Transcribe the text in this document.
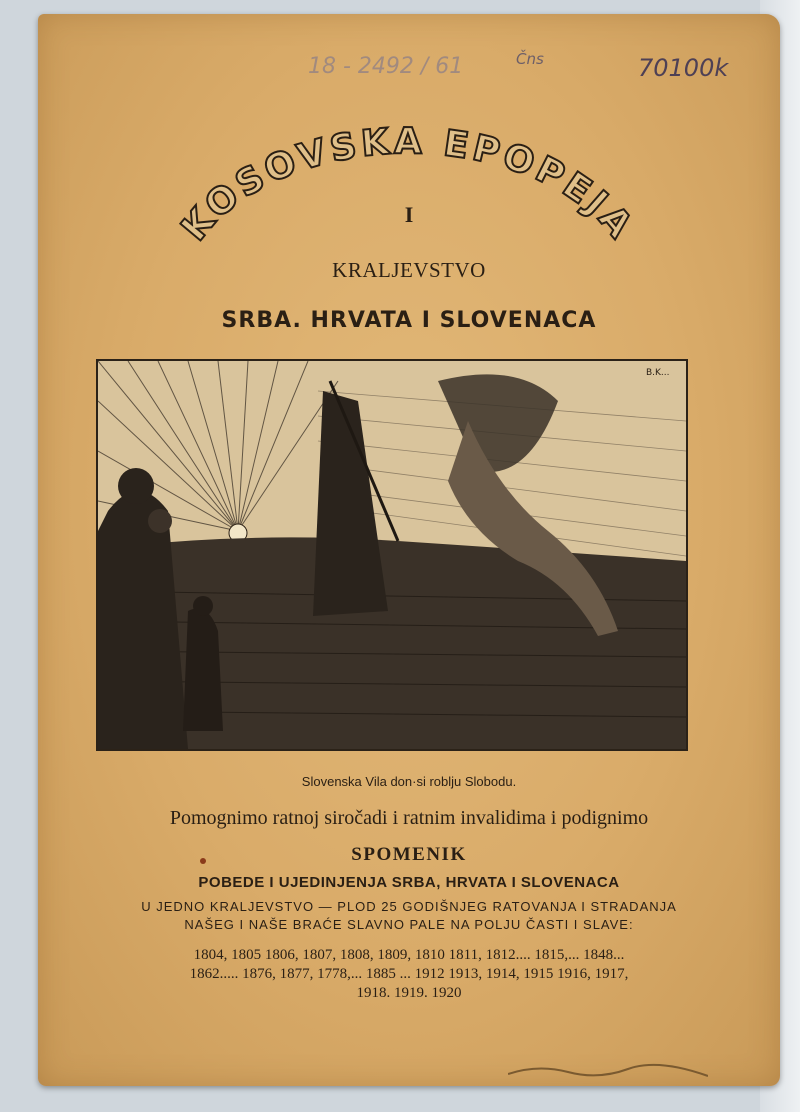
18 - 2492 / 61	Čns	70100k
KOSOVSKA EPOPEJA
I
KRALJEVSTVO
SRBA. HRVATA I SLOVENACA
B.K...
Slovenska Vila don·si roblju Slobodu.
Pomognimo ratnoj siročadi i ratnim invalidima i podignimo
SPOMENIK
POBEDE I UJEDINJENJA SRBA, HRVATA I SLOVENACA
U JEDNO KRALJEVSTVO — PLOD 25 GODIŠNJEG RATOVANJA I STRADANJA
NAŠEG I NAŠE BRAĆE SLAVNO PALE NA POLJU ČASTI I SLAVE:
1804, 1805 1806, 1807, 1808, 1809, 1810 1811, 1812.... 1815,... 1848...
1862..... 1876, 1877, 1778,... 1885 ... 1912 1913, 1914, 1915 1916, 1917,
1918. 1919. 1920
